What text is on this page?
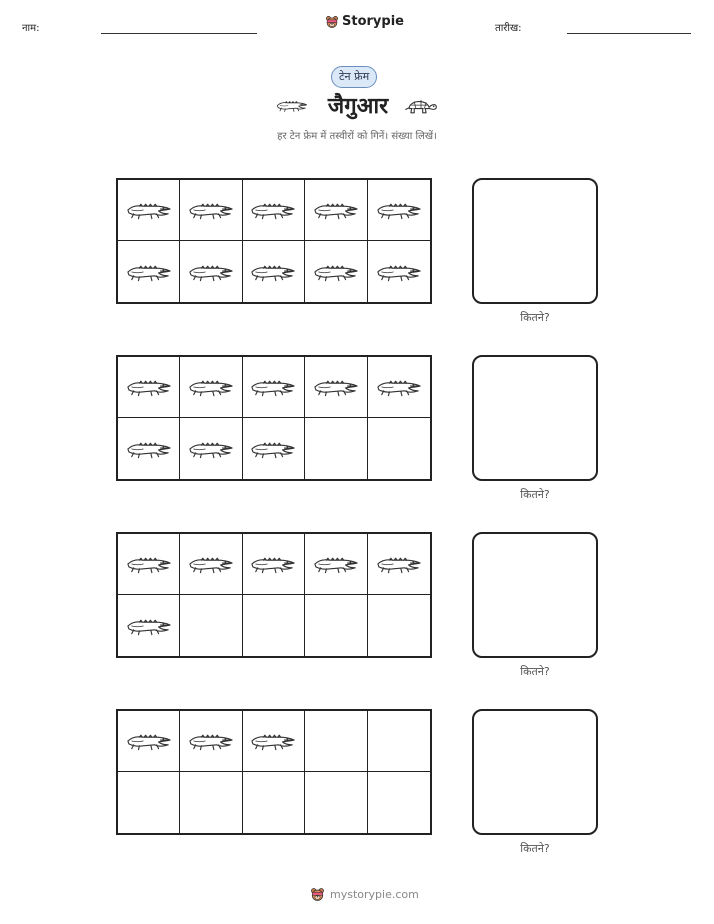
नाम:	Storypie	तारीख:
टेन फ्रेम
जैगुआर
हर टेन फ्रेम में तस्वीरों को गिनें। संख्या लिखें।
कितने?
कितने?
कितने?
कितने?
mystorypie.com
